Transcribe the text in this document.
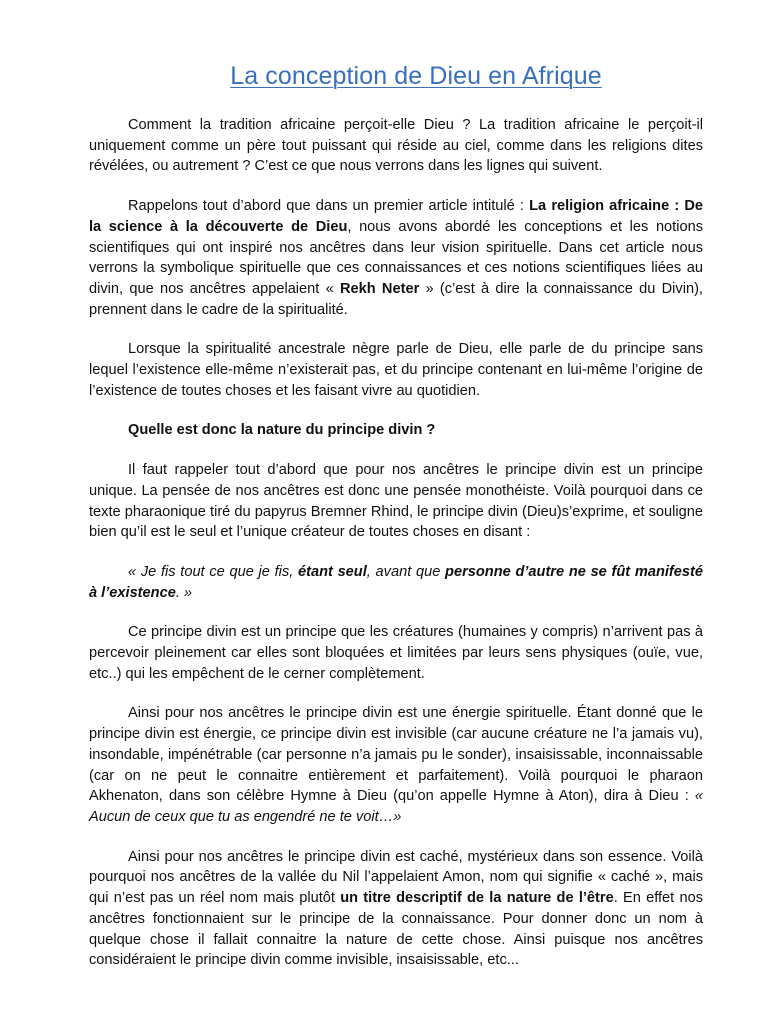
La conception de Dieu en Afrique

Comment la tradition africaine perçoit-elle Dieu ? La tradition africaine le perçoit-il uniquement comme un père tout puissant qui réside au ciel, comme dans les religions dites révélées, ou autrement ? C’est ce que nous verrons dans les lignes qui suivent.

Rappelons tout d’abord que dans un premier article intitulé : La religion africaine : De la science à la découverte de Dieu, nous avons abordé les conceptions et les notions scientifiques qui ont inspiré nos ancêtres dans leur vision spirituelle. Dans cet article nous verrons la symbolique spirituelle que ces connaissances et ces notions scientifiques liées au divin, que nos ancêtres appelaient « Rekh Neter » (c’est à dire la connaissance du Divin), prennent dans le cadre de la spiritualité.

Lorsque la spiritualité ancestrale nègre parle de Dieu, elle parle de du principe sans lequel l’existence elle-même n’existerait pas, et du principe contenant en lui-même l’origine de l’existence de toutes choses et les faisant vivre au quotidien.

Quelle est donc la nature du principe divin ?

Il faut rappeler tout d’abord que pour nos ancêtres le principe divin est un principe unique. La pensée de nos ancêtres est donc une pensée monothéiste. Voilà pourquoi dans ce texte pharaonique tiré du papyrus Bremner Rhind, le principe divin (Dieu)s’exprime, et souligne bien qu’il est le seul et l’unique créateur de toutes choses en disant :

« Je fis tout ce que je fis, étant seul, avant que personne d’autre ne se fût manifesté à l’existence. »

Ce principe divin est un principe que les créatures (humaines y compris) n’arrivent pas à percevoir pleinement car elles sont bloquées et limitées par leurs sens physiques (ouïe, vue, etc..) qui les empêchent de le cerner complètement.

Ainsi pour nos ancêtres le principe divin est une énergie spirituelle. Étant donné que le principe divin est énergie, ce principe divin est invisible (car aucune créature ne l’a jamais vu), insondable, impénétrable (car personne n’a jamais pu le sonder), insaisissable, inconnaissable (car on ne peut le connaitre entièrement et parfaitement). Voilà pourquoi le pharaon Akhenaton, dans son célèbre Hymne à Dieu (qu’on appelle Hymne à Aton), dira à Dieu : « Aucun de ceux que tu as engendré ne te voit…»

Ainsi pour nos ancêtres le principe divin est caché, mystérieux dans son essence. Voilà pourquoi nos ancêtres de la vallée du Nil l’appelaient Amon, nom qui signifie « caché », mais qui n’est pas un réel nom mais plutôt un titre descriptif de la nature de l’être. En effet nos ancêtres fonctionnaient sur le principe de la connaissance. Pour donner donc un nom à quelque chose il fallait connaitre la nature de cette chose. Ainsi puisque nos ancêtres considéraient le principe divin comme invisible, insaisissable, etc...
